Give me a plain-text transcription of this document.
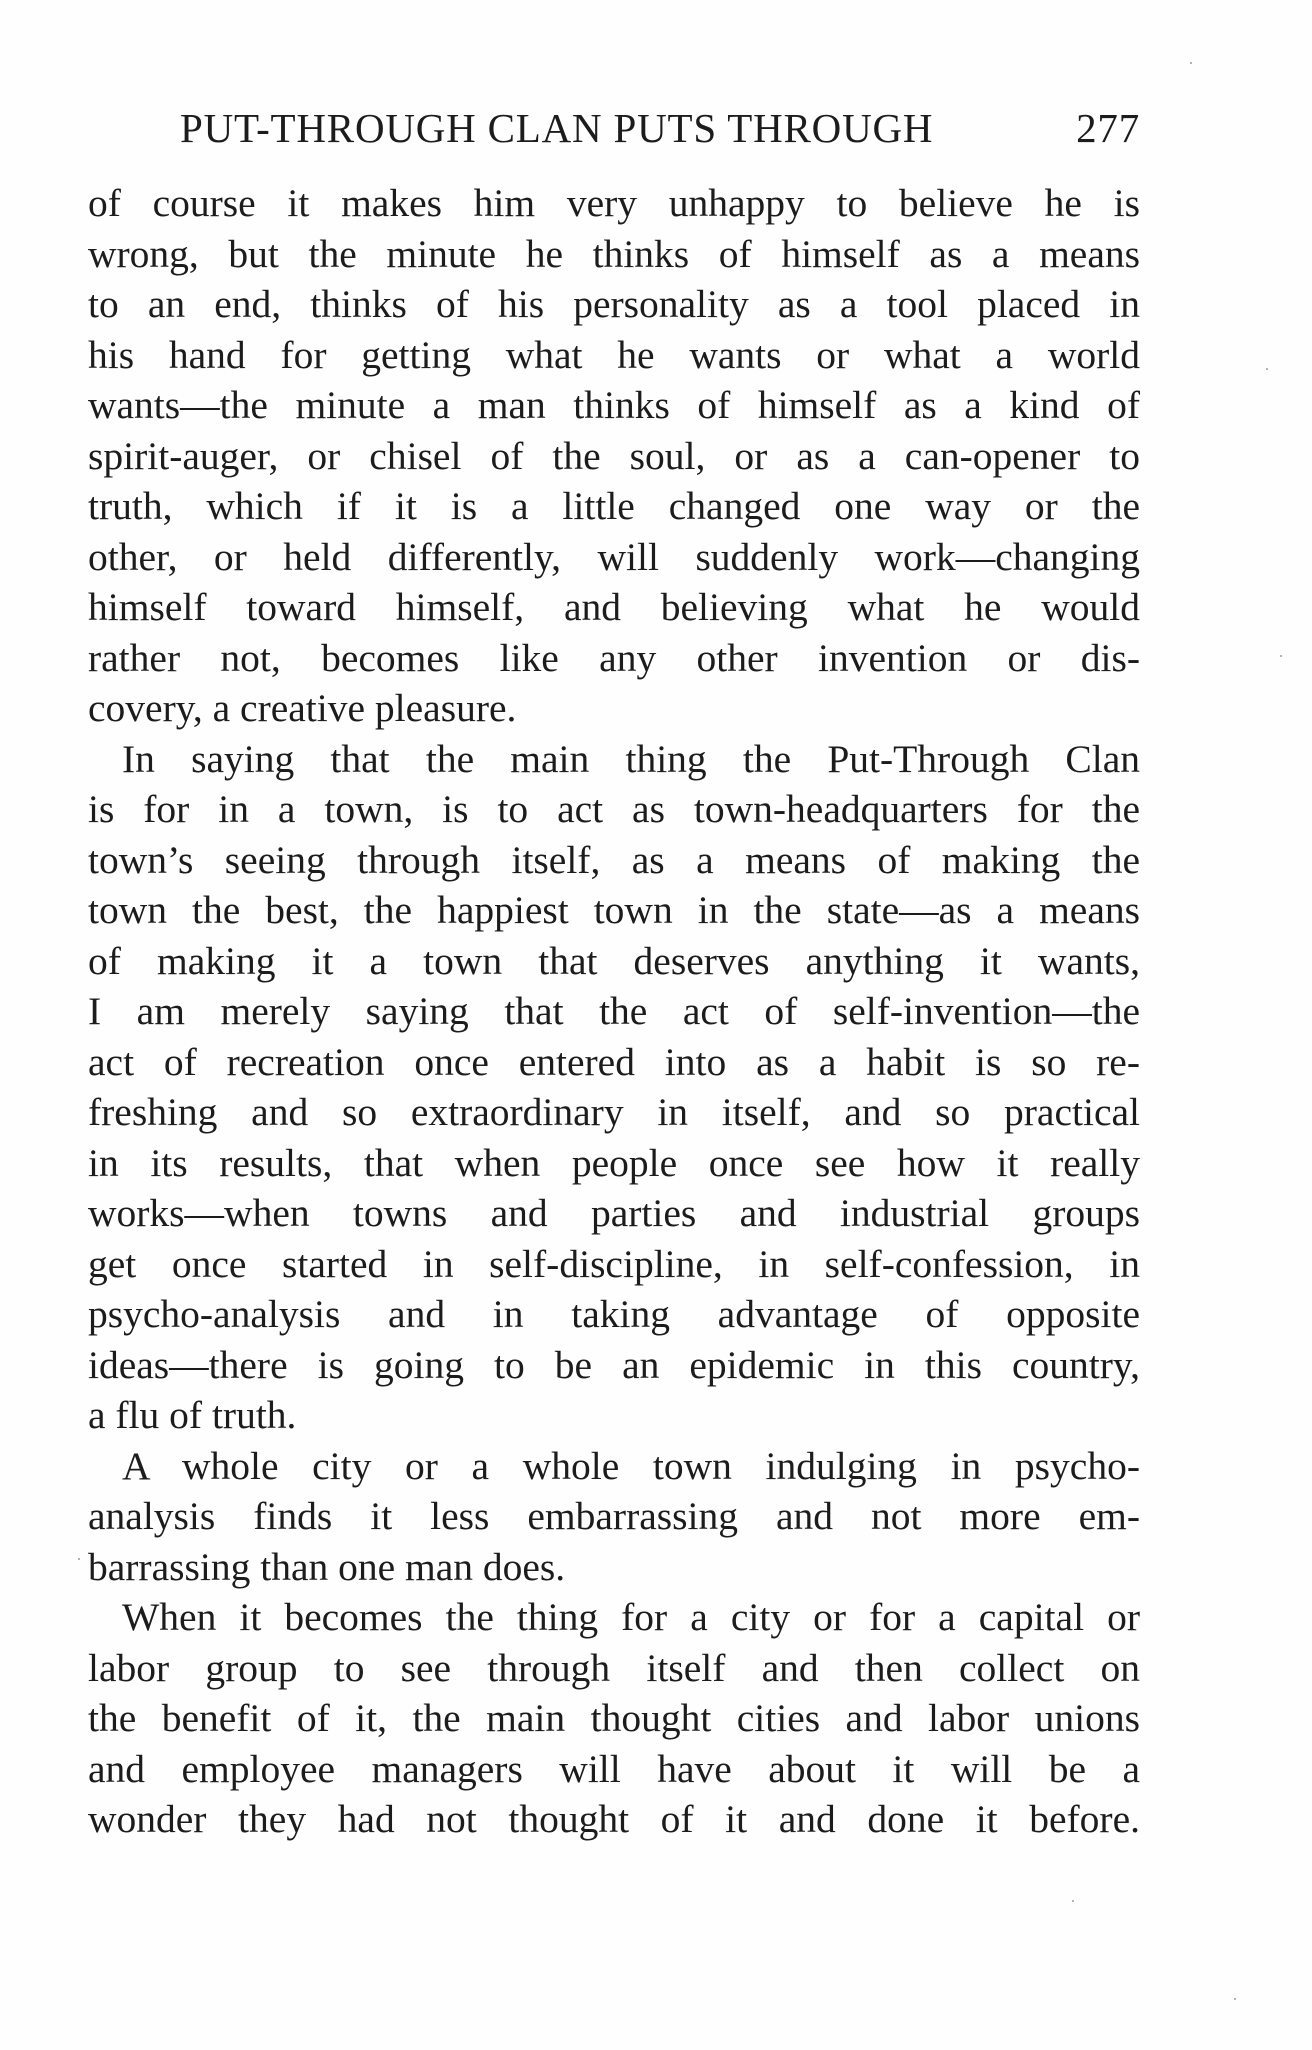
PUT-THROUGH CLAN PUTS THROUGH	277
of course it makes him very unhappy to believe he is
wrong, but the minute he thinks of himself as a means
to an end, thinks of his personality as a tool placed in
his hand for getting what he wants or what a world
wants—the minute a man thinks of himself as a kind of
spirit-auger, or chisel of the soul, or as a can-opener to
truth, which if it is a little changed one way or the
other, or held differently, will suddenly work—changing
himself toward himself, and believing what he would
rather not, becomes like any other invention or dis-
covery, a creative pleasure.
In saying that the main thing the Put-Through Clan
is for in a town, is to act as town-headquarters for the
town’s seeing through itself, as a means of making the
town the best, the happiest town in the state—as a means
of making it a town that deserves anything it wants,
I am merely saying that the act of self-invention—the
act of recreation once entered into as a habit is so re-
freshing and so extraordinary in itself, and so practical
in its results, that when people once see how it really
works—when towns and parties and industrial groups
get once started in self-discipline, in self-confession, in
psycho-analysis and in taking advantage of opposite
ideas—there is going to be an epidemic in this country,
a flu of truth.
A whole city or a whole town indulging in psycho-
analysis finds it less embarrassing and not more em-
barrassing than one man does.
When it becomes the thing for a city or for a capital or
labor group to see through itself and then collect on
the benefit of it, the main thought cities and labor unions
and employee managers will have about it will be a
wonder they had not thought of it and done it before.
